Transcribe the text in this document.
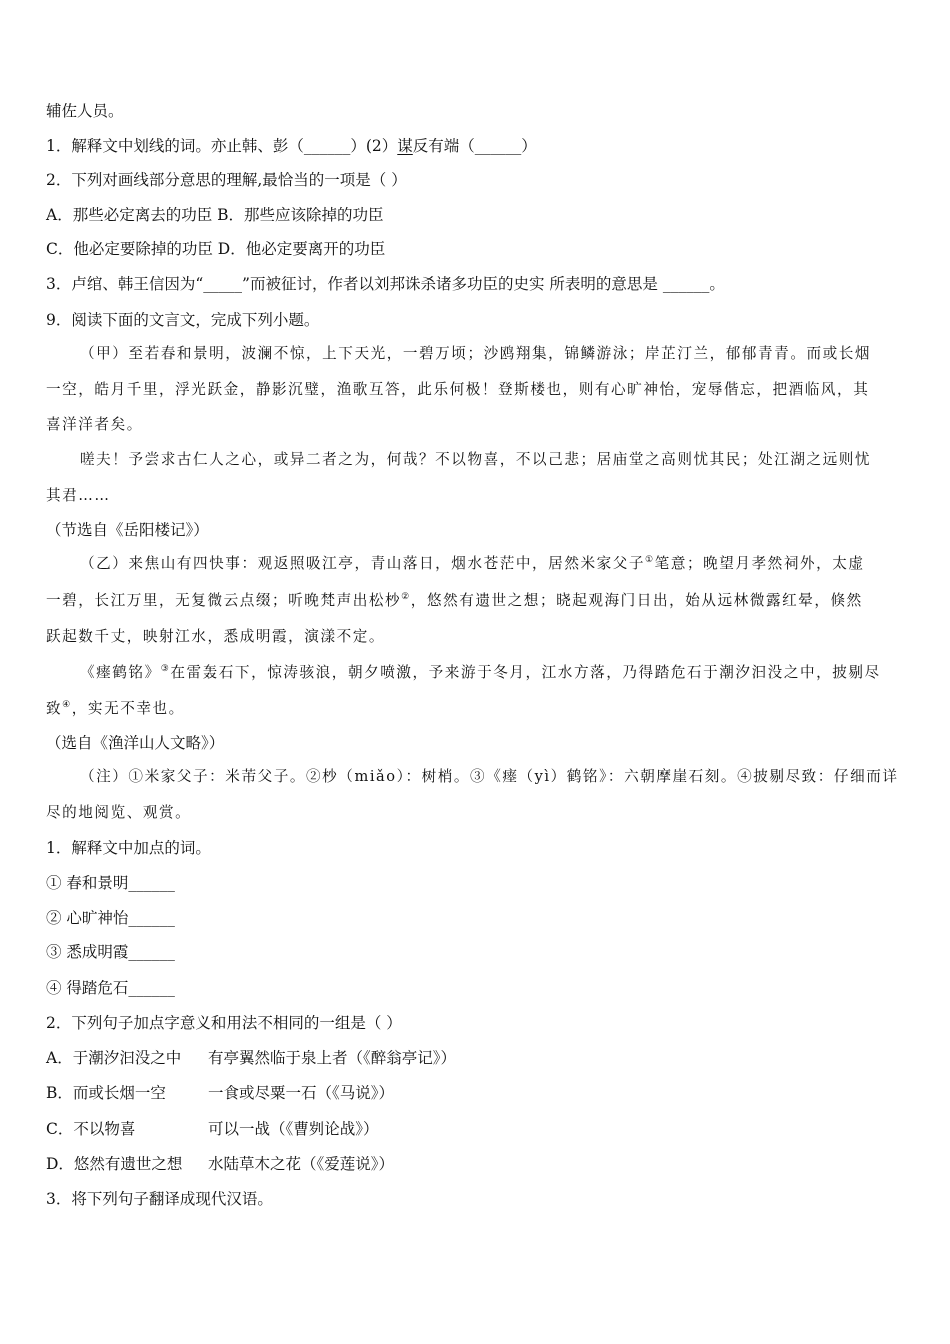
辅佐人员。
1．解释文中划线的词。亦止韩、彭（______）(2）谋反有端（______）
2．下列对画线部分意思的理解,最恰当的一项是（ ）
A．那些必定离去的功臣 B．那些应该除掉的功臣
C．他必定要除掉的功臣 D．他必定要离开的功臣
3．卢绾、韩王信因为“_____”而被征讨，作者以刘邦诛杀诸多功臣的史实 所表明的意思是 ______。
9．阅读下面的文言文，完成下列小题。
（甲）至若春和景明，波澜不惊，上下天光，一碧万顷；沙鸥翔集，锦鳞游泳；岸芷汀兰，郁郁青青。而或长烟
一空，皓月千里，浮光跃金，静影沉璧，渔歌互答，此乐何极！登斯楼也，则有心旷神怡，宠辱偕忘，把酒临风，其
喜洋洋者矣。
嗟夫！予尝求古仁人之心，或异二者之为，何哉？不以物喜，不以己悲；居庙堂之高则忧其民；处江湖之远则忧
其君……
（节选自《岳阳楼记》）
（乙）来焦山有四快事：观返照吸江亭，青山落日，烟水苍茫中，居然米家父子①笔意；晚望月孝然祠外，太虚
一碧，长江万里，无复微云点缀；听晚梵声出松杪②，悠然有遗世之想；晓起观海门日出，始从远林微露红晕，倏然
跃起数千丈，映射江水，悉成明霞，演漾不定。
《瘗鹤铭》③在雷轰石下，惊涛骇浪，朝夕喷激，予来游于冬月，江水方落，乃得踏危石于潮汐汩没之中，披剔尽
致④，实无不幸也。
（选自《渔洋山人文略》）
（注）①米家父子：米芾父子。②杪（miǎo）：树梢。③《瘗（yì）鹤铭》：六朝摩崖石刻。④披剔尽致：仔细而详
尽的地阅览、观赏。
1．解释文中加点的词。
① 春和景明______
② 心旷神怡______
③ 悉成明霞______
④ 得踏危石______
2．下列句子加点字意义和用法不相同的一组是（ ）
A．于潮汐汩没之中 有亭翼然临于泉上者（《醉翁亭记》）
B．而或长烟一空	一食或尽粟一石（《马说》）
C．不以物喜	可以一战（《曹刿论战》）
D．悠然有遗世之想 水陆草木之花（《爱莲说》）
3．将下列句子翻译成现代汉语。
